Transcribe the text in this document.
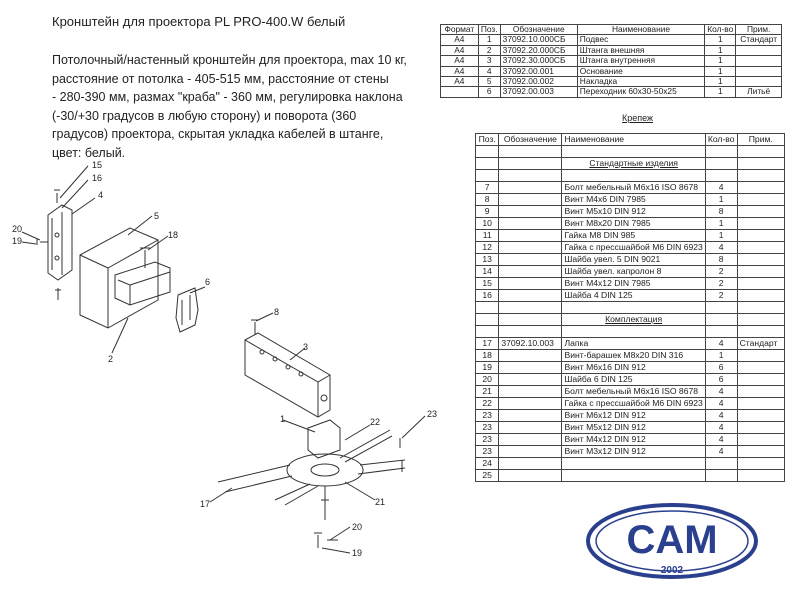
Кронштейн для проектора PL PRO-400.W белый
Потолочный/настенный кронштейн для проектора, max 10 кг,
расстояние от потолка - 405-515 мм, расстояние от стены
- 280-390 мм, размах "краба" - 360 мм, регулировка наклона
(-30/+30 градусов в любую сторону) и поворота (360
градусов) проектора, скрытая укладка кабелей в штанге,
цвет: белый.
Формат	Поз.	Обозначение	Наименование	Кол-во	Прим.
А4	1	37092.10.000СБ	Подвес	1	Стандарт
А4	2	37092.20.000СБ	Штанга внешняя	1	
А4	3	37092.30.000СБ	Штанга внутренняя	1	
А4	4	37092.00.001	Основание	1	
А4	5	37092.00.002	Накладка	1	
	6	37092.00.003	Переходник 60х30-50х25	1	Литьё
Крепеж
Поз.	Обозначение	Наименование	Кол-во	Прим.

		Стандартные изделия		

7		Болт мебельный М6х16 ISO 8678	4	
8		Винт М4х6 DIN 7985	1	
9		Винт М5х10 DIN 912	8	
10		Винт М8х20 DIN 7985	1	
11		Гайка М8 DIN 985	1	
12		Гайка с прессшайбой М6 DIN 6923	4	
13		Шайба увел. 5 DIN 9021	8	
14		Шайба увел. капролон 8	2	
15		Винт М4х12 DIN 7985	2	
16		Шайба 4 DIN 125	2	

		Комплектация		

17	37092.10.003	Лапка	4	Стандарт
18		Винт-барашек М8х20 DIN 316	1	
19		Винт М6х16 DIN 912	6	
20		Шайба 6 DIN 125	6	
21		Болт мебельный М6х16 ISO 8678	4	
22		Гайка с прессшайбой М6 DIN 6923	4	
23		Винт М6х12 DIN 912	4	
23		Винт М5х12 DIN 912	4	
23		Винт М4х12 DIN 912	4	
23		Винт М3х12 DIN 912	4	
24				
25				
15
16
4
5
18
20
19
6
2
8
3
1	22
23
17	21
20
19	CAM
2002
